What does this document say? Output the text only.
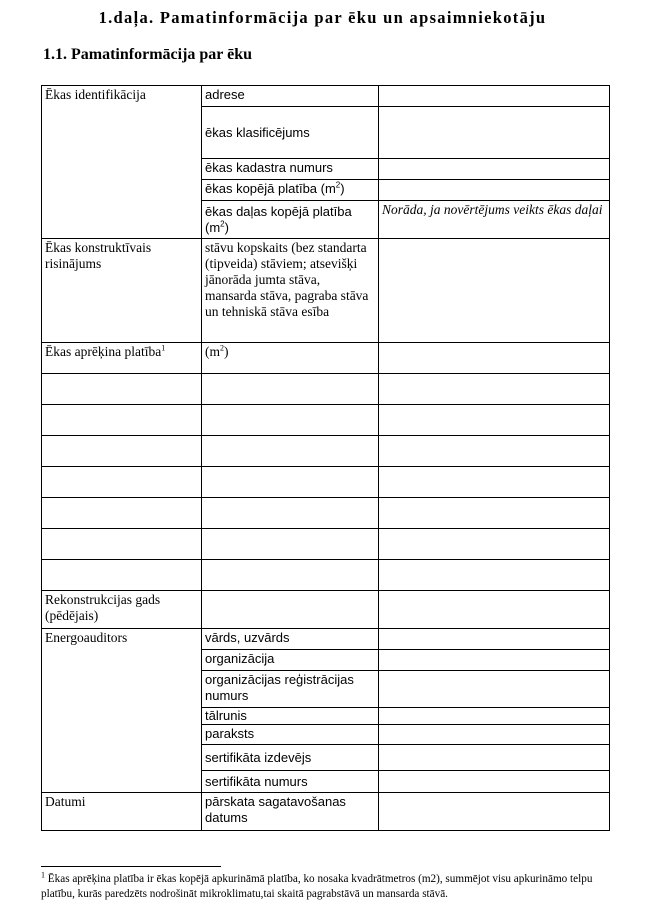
1.daļa. Pamatinformācija par ēku un apsaimniekotāju
1.1. Pamatinformācija par ēku
Ēkas identifikācija	adrese	
	ēkas klasificējums	
	ēkas kadastra numurs	
	ēkas kopējā platība $(m^2)$	
	ēkas daļas kopējā platība $(m^2)$	Norāda, ja novērtējums veikts ēkas daļai
Ēkas konstruktīvais risinājums	stāvu kopskaits (bez standarta (tipveida) stāviem; atsevišķi jānorāda jumta stāva, mansarda stāva, pagraba stāva un tehniskā stāva esība	
Ēkas aprēķina platība$^1$	$(m^2)$	

Rekonstrukcijas gads (pēdējais)		
Energoauditors	vārds, uzvārds	
	organizācija	
	organizācijas reģistrācijas numurs	
	tālrunis	
	paraksts	
	sertifikāta izdevējs	
	sertifikāta numurs	
Datumi	pārskata sagatavošanas datums	
$^1$ Ēkas aprēķina platība ir ēkas kopējā apkurināmā platība, ko nosaka kvadrātmetros (m2), summējot visu apkurināmo telpu platību, kurās paredzēts nodrošināt mikroklimatu,tai skaitā pagrabstāvā un mansarda stāvā.
